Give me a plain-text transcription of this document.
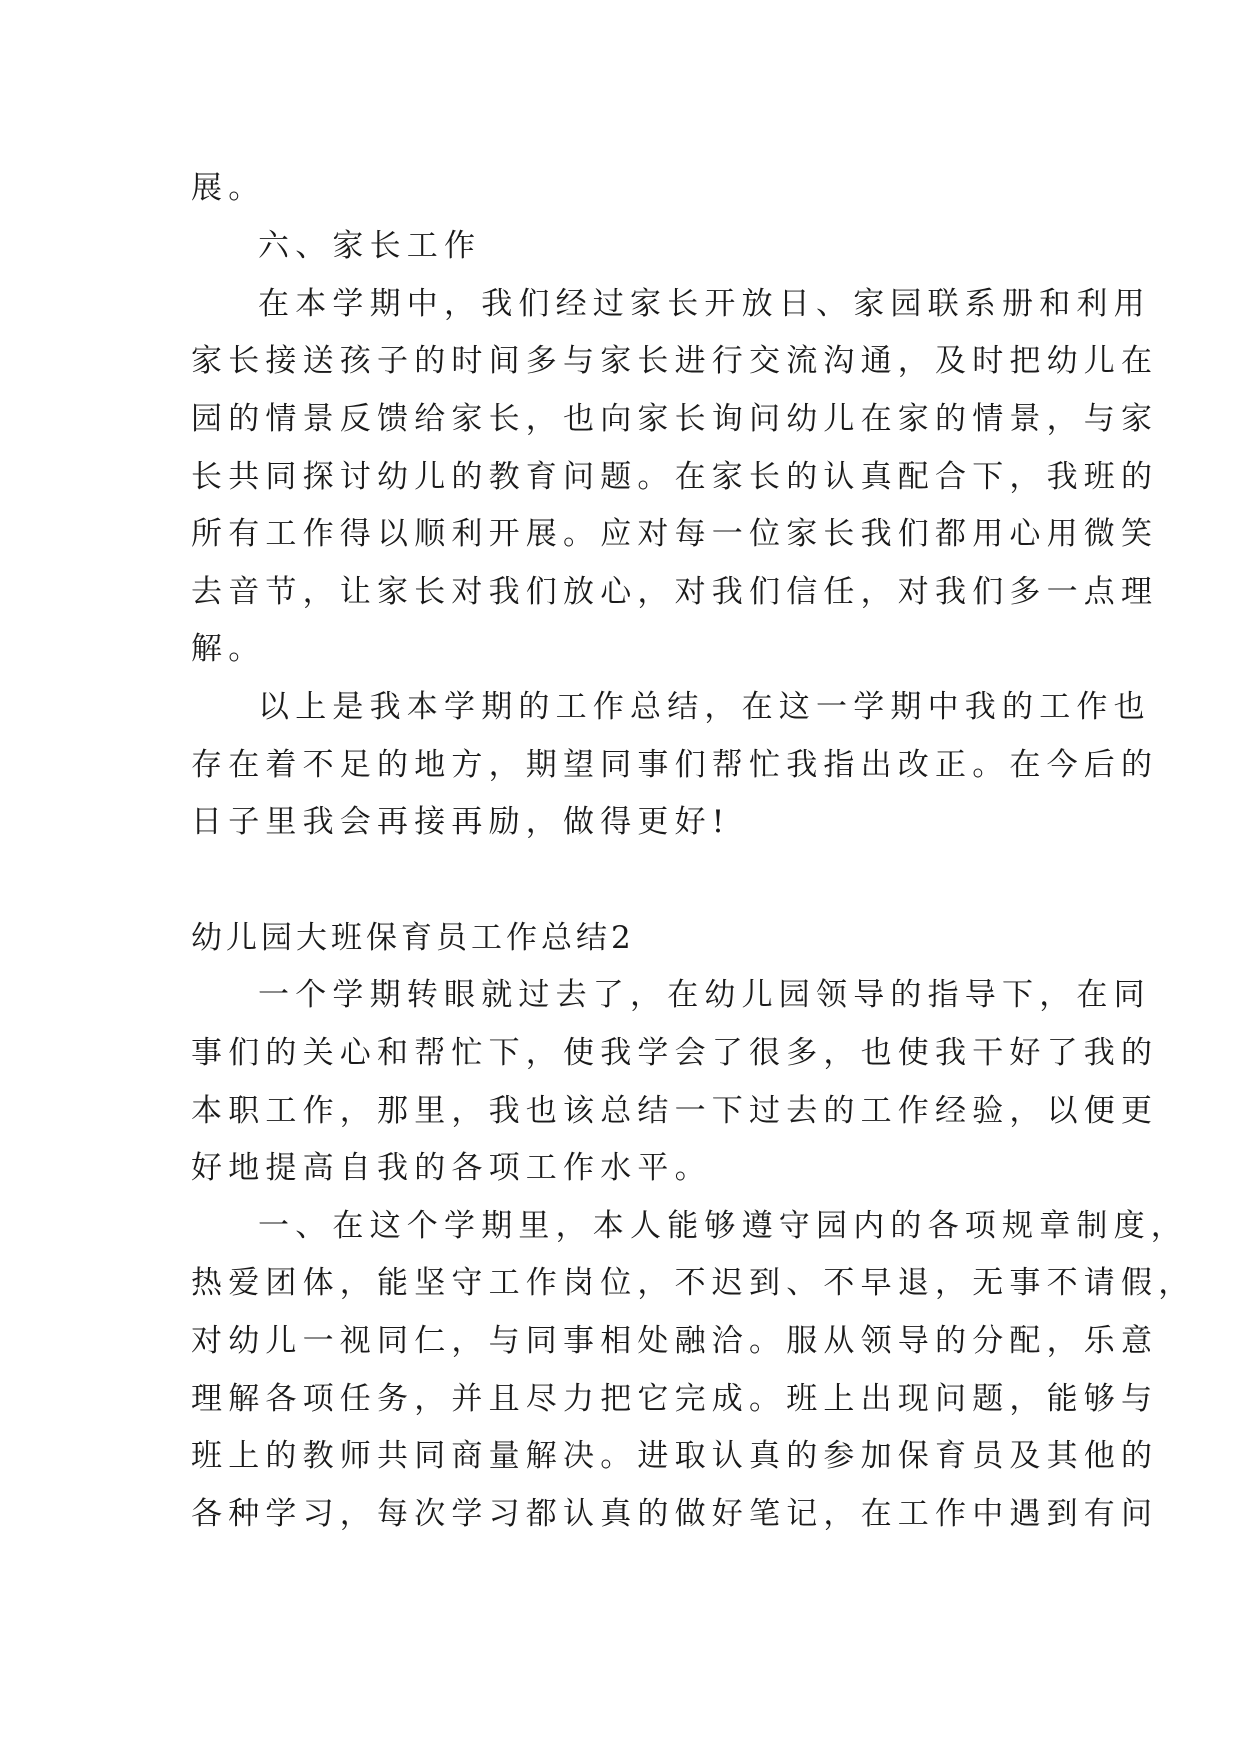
展。
六、家长工作
在本学期中，我们经过家长开放日、家园联系册和利用
家长接送孩子的时间多与家长进行交流沟通，及时把幼儿在
园的情景反馈给家长，也向家长询问幼儿在家的情景，与家
长共同探讨幼儿的教育问题。在家长的认真配合下，我班的
所有工作得以顺利开展。应对每一位家长我们都用心用微笑
去音节，让家长对我们放心，对我们信任，对我们多一点理
解。
以上是我本学期的工作总结，在这一学期中我的工作也
存在着不足的地方，期望同事们帮忙我指出改正。在今后的
日子里我会再接再励，做得更好!
幼儿园大班保育员工作总结2
一个学期转眼就过去了，在幼儿园领导的指导下，在同
事们的关心和帮忙下，使我学会了很多，也使我干好了我的
本职工作，那里，我也该总结一下过去的工作经验，以便更
好地提高自我的各项工作水平。
一、在这个学期里，本人能够遵守园内的各项规章制度，
热爱团体，能坚守工作岗位，不迟到、不早退，无事不请假，
对幼儿一视同仁，与同事相处融洽。服从领导的分配，乐意
理解各项任务，并且尽力把它完成。班上出现问题，能够与
班上的教师共同商量解决。进取认真的参加保育员及其他的
各种学习，每次学习都认真的做好笔记，在工作中遇到有问
